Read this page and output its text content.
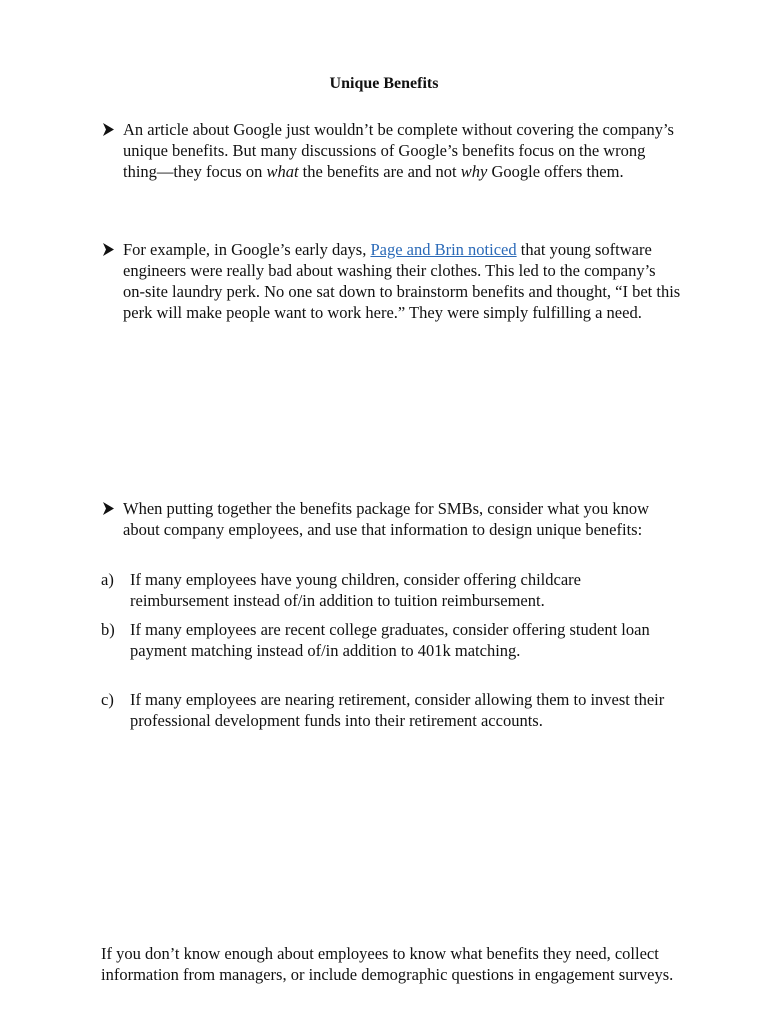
Unique Benefits
An article about Google just wouldn’t be complete without covering the company’s unique benefits. But many discussions of Google’s benefits focus on the wrong thing—they focus on what the benefits are and not why Google offers them.
For example, in Google’s early days, Page and Brin noticed that young software engineers were really bad about washing their clothes. This led to the company’s on-site laundry perk. No one sat down to brainstorm benefits and thought, “I bet this perk will make people want to work here.” They were simply fulfilling a need.
When putting together the benefits package for SMBs, consider what you know about company employees, and use that information to design unique benefits:
a) If many employees have young children, consider offering childcare reimbursement instead of/in addition to tuition reimbursement.
b) If many employees are recent college graduates, consider offering student loan payment matching instead of/in addition to 401k matching.
c) If many employees are nearing retirement, consider allowing them to invest their professional development funds into their retirement accounts.
If you don’t know enough about employees to know what benefits they need, collect information from managers, or include demographic questions in engagement surveys.
